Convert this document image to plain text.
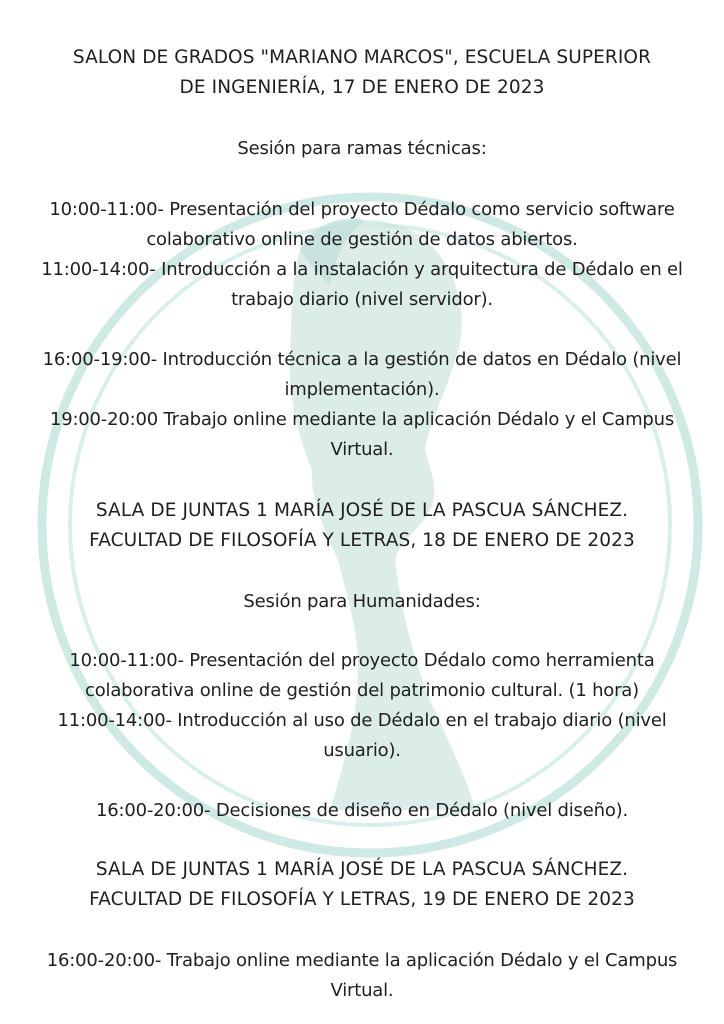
SALON DE GRADOS "MARIANO MARCOS", ESCUELA SUPERIOR
DE INGENIERÍA, 17 DE ENERO DE 2023
Sesión para ramas técnicas:
10:00-11:00- Presentación del proyecto Dédalo como servicio software
colaborativo online de gestión de datos abiertos.
11:00-14:00- Introducción a la instalación y arquitectura de Dédalo en el
trabajo diario (nivel servidor).
16:00-19:00- Introducción técnica a la gestión de datos en Dédalo (nivel
implementación).
19:00-20:00 Trabajo online mediante la aplicación Dédalo y el Campus
Virtual.
SALA DE JUNTAS 1 MARÍA JOSÉ DE LA PASCUA SÁNCHEZ.
FACULTAD DE FILOSOFÍA Y LETRAS, 18 DE ENERO DE 2023
Sesión para Humanidades:
10:00-11:00- Presentación del proyecto Dédalo como herramienta
colaborativa online de gestión del patrimonio cultural. (1 hora)
11:00-14:00- Introducción al uso de Dédalo en el trabajo diario (nivel
usuario).
16:00-20:00- Decisiones de diseño en Dédalo (nivel diseño).
SALA DE JUNTAS 1 MARÍA JOSÉ DE LA PASCUA SÁNCHEZ.
FACULTAD DE FILOSOFÍA Y LETRAS, 19 DE ENERO DE 2023
16:00-20:00- Trabajo online mediante la aplicación Dédalo y el Campus
Virtual.
